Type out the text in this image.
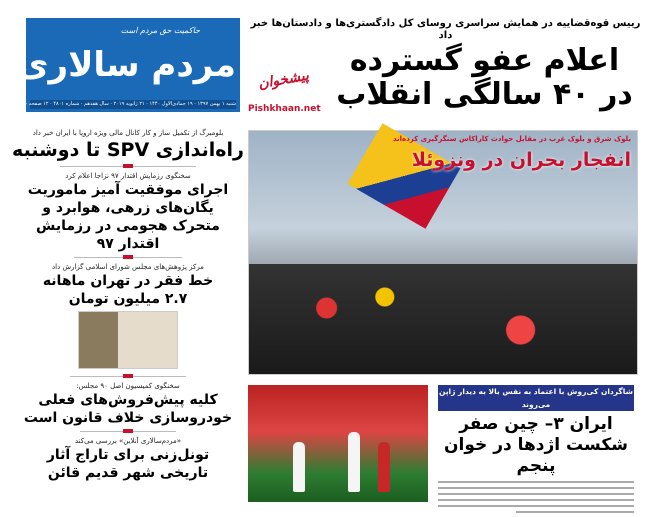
حاکمیت حق مردم است
مردم سالاری
شنبه ۱ بهمن ۱۳۹۷ · ۱۹ جمادی‌الاول ۱۴۴۰ · ۲۱ ژانویه ۲۰۱۹ · سال هفدهم · شماره ۴۸۰۱ · ۱۲ صفحه · ۱۰۰۰ تومان
رییس قوه‌قضاییه در همایش سراسری روسای کل دادگستری‌ها و دادستان‌ها خبر داد
اعلام عفو گسترده
در ۴۰ سالگی انقلاب
پیشخوان
Pishkhaan.net
بلومبرگ از تکمیل ساز و کار کانال مالی ویژه اروپا با ایران خبر داد
راه‌اندازی SPV تا دوشنبه
سخنگوی رزمایش اقتدار ۹۷ نزاجا اعلام کرد
اجرای موفقیت آمیز ماموریت یگان‌های زرهی، هوابرد و متحرک هجومی در رزمایش اقتدار ۹۷
مرکز پژوهش‌های مجلس شورای اسلامی گزارش داد
خط فقر در تهران ماهانه ۲.۷ میلیون تومان
سخنگوی کمیسیون اصل ۹۰ مجلس:
کلیه پیش‌فروش‌های فعلی خودروسازی خلاف قانون است
«مردم‌سالاری آنلاین» بررسی می‌کند
تونل‌زنی برای تاراج آثار تاریخی شهر قدیم قائن
بلوک شرق و بلوک غرب در مقابل حوادث کاراکاس سنگرگیری کرده‌اند
انفجار بحران در ونزوئلا
شاگردان کی‌روش با اعتماد به نفس بالا به دیدار ژاپن می‌روند
ایران ۳– چین صفر شکست اژدها در خوان پنجم
